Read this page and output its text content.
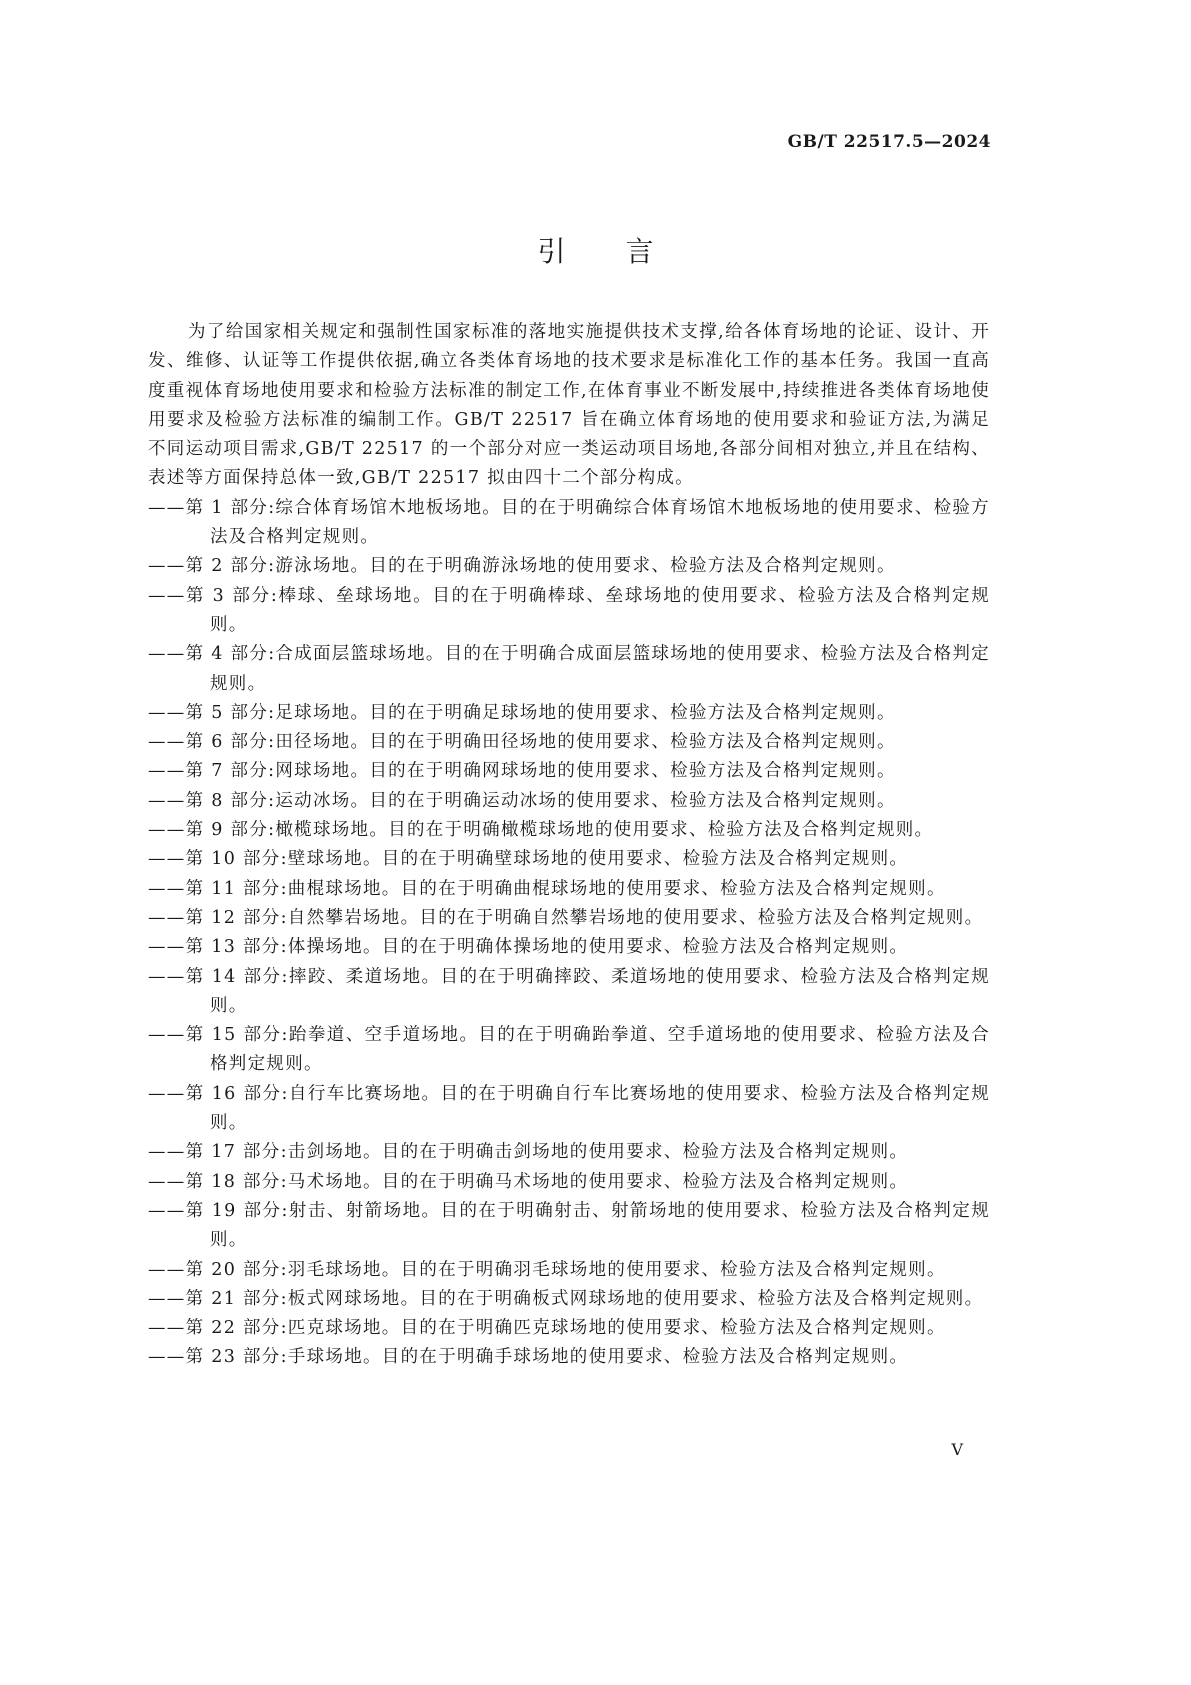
GB/T 22517.5—2024
引言

为了给国家相关规定和强制性国家标准的落地实施提供技术支撑,给各体育场地的论证、设计、开发、维修、认证等工作提供依据,确立各类体育场地的技术要求是标准化工作的基本任务。我国一直高度重视体育场地使用要求和检验方法标准的制定工作,在体育事业不断发展中,持续推进各类体育场地使用要求及检验方法标准的编制工作。GB/T 22517 旨在确立体育场地的使用要求和验证方法,为满足不同运动项目需求,GB/T 22517 的一个部分对应一类运动项目场地,各部分间相对独立,并且在结构、表述等方面保持总体一致,GB/T 22517 拟由四十二个部分构成。

——第 1 部分:综合体育场馆木地板场地。目的在于明确综合体育场馆木地板场地的使用要求、检验方法及合格判定规则。

——第 2 部分:游泳场地。目的在于明确游泳场地的使用要求、检验方法及合格判定规则。

——第 3 部分:棒球、垒球场地。目的在于明确棒球、垒球场地的使用要求、检验方法及合格判定规则。

——第 4 部分:合成面层篮球场地。目的在于明确合成面层篮球场地的使用要求、检验方法及合格判定规则。

——第 5 部分:足球场地。目的在于明确足球场地的使用要求、检验方法及合格判定规则。

——第 6 部分:田径场地。目的在于明确田径场地的使用要求、检验方法及合格判定规则。

——第 7 部分:网球场地。目的在于明确网球场地的使用要求、检验方法及合格判定规则。

——第 8 部分:运动冰场。目的在于明确运动冰场的使用要求、检验方法及合格判定规则。

——第 9 部分:橄榄球场地。目的在于明确橄榄球场地的使用要求、检验方法及合格判定规则。

——第 10 部分:壁球场地。目的在于明确壁球场地的使用要求、检验方法及合格判定规则。

——第 11 部分:曲棍球场地。目的在于明确曲棍球场地的使用要求、检验方法及合格判定规则。

——第 12 部分:自然攀岩场地。目的在于明确自然攀岩场地的使用要求、检验方法及合格判定规则。

——第 13 部分:体操场地。目的在于明确体操场地的使用要求、检验方法及合格判定规则。

——第 14 部分:摔跤、柔道场地。目的在于明确摔跤、柔道场地的使用要求、检验方法及合格判定规则。

——第 15 部分:跆拳道、空手道场地。目的在于明确跆拳道、空手道场地的使用要求、检验方法及合格判定规则。

——第 16 部分:自行车比赛场地。目的在于明确自行车比赛场地的使用要求、检验方法及合格判定规则。

——第 17 部分:击剑场地。目的在于明确击剑场地的使用要求、检验方法及合格判定规则。

——第 18 部分:马术场地。目的在于明确马术场地的使用要求、检验方法及合格判定规则。

——第 19 部分:射击、射箭场地。目的在于明确射击、射箭场地的使用要求、检验方法及合格判定规则。

——第 20 部分:羽毛球场地。目的在于明确羽毛球场地的使用要求、检验方法及合格判定规则。

——第 21 部分:板式网球场地。目的在于明确板式网球场地的使用要求、检验方法及合格判定规则。

——第 22 部分:匹克球场地。目的在于明确匹克球场地的使用要求、检验方法及合格判定规则。

——第 23 部分:手球场地。目的在于明确手球场地的使用要求、检验方法及合格判定规则。

V
